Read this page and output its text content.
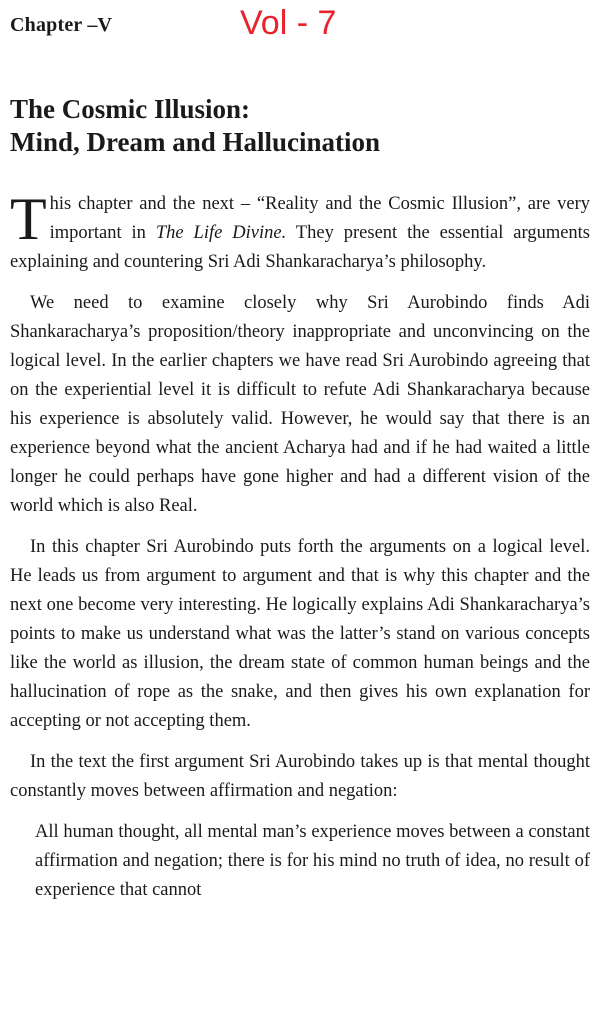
Chapter –V	Vol - 7
The Cosmic Illusion:
Mind, Dream and Hallucination

This chapter and the next – “Reality and the Cosmic Illusion”, are very important in The Life Divine. They present the essential arguments explaining and countering Sri Adi Shankaracharya’s philosophy.

We need to examine closely why Sri Aurobindo finds Adi Shankaracharya’s proposition/theory inappropriate and unconvincing on the logical level. In the earlier chapters we have read Sri Aurobindo agreeing that on the experiential level it is difficult to refute Adi Shankaracharya because his experience is absolutely valid. However, he would say that there is an experience beyond what the ancient Acharya had and if he had waited a little longer he could perhaps have gone higher and had a different vision of the world which is also Real.

In this chapter Sri Aurobindo puts forth the arguments on a logical level. He leads us from argument to argument and that is why this chapter and the next one become very interesting. He logically explains Adi Shankaracharya’s points to make us understand what was the latter’s stand on various concepts like the world as illusion, the dream state of common human beings and the hallucination of rope as the snake, and then gives his own explanation for accepting or not accepting them.

In the text the first argument Sri Aurobindo takes up is that mental thought constantly moves between affirmation and negation:

All human thought, all mental man’s experience moves between a constant affirmation and negation; there is for his mind no truth of idea, no result of experience that cannot
